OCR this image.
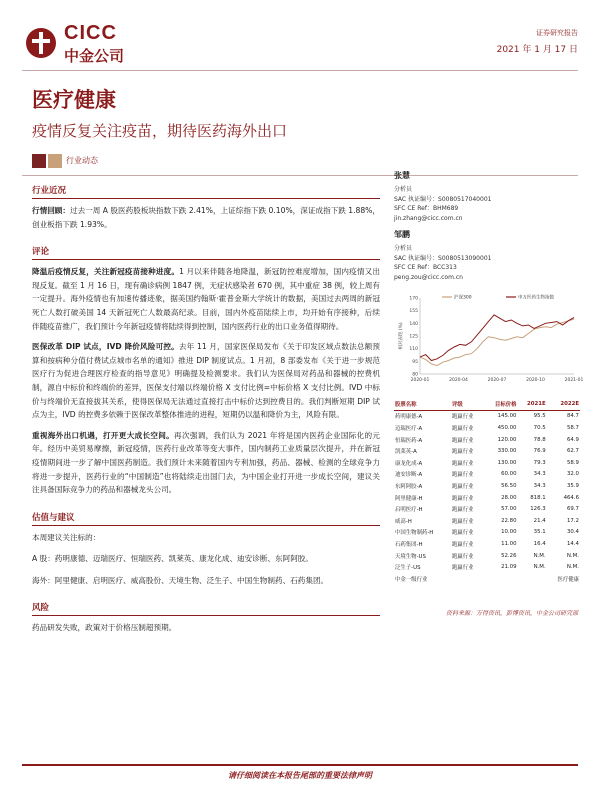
CICC
中金公司
证券研究报告
2021 年 1 月 17 日
医疗健康
疫情反复关注疫苗，期待医药海外出口
行业动态
行业近况
行情回顾：过去一周 A 股医药股板块指数下跌 2.41%，上证综指下跌 0.10%，深证成指下跌 1.88%，创业板指下跌 1.93%。
评论
降温后疫情反复，关注新冠疫苗接种进度。1 月以来伴随各地降温，新冠防控难度增加，国内疫情又出现反复。截至 1 月 16 日，现有确诊病例 1847 例，无症状感染者 670 例，其中重症 38 例，较上周有一定提升。海外疫情也有加速传播迹象，据美国约翰斯·霍普金斯大学统计的数据，美国过去两周的新冠死亡人数打破美国 14 天新冠死亡人数最高纪录。目前，国内外疫苗陆续上市，均开始有序接种，后续伴随疫苗推广，我们预计今年新冠疫情将陆续得到控制，国内医药行业的出口业务值得期待。
医保改革 DIP 试点，IVD 降价风险可控。去年 11 月，国家医保局发布《关于印发区域点数法总额预算和按病种分值付费试点城市名单的通知》推进 DIP 制度试点。1 月初，8 部委发布《关于进一步规范医疗行为促进合理医疗检查的指导意见》明确提及检测要求。我们认为医保局对药品和器械的控费机制，源自中标价和终端价的差异，医保支付端以终端价格 X 支付比例=中标价格 X 支付比例。IVD 中标价与终端价无直接拔其关系，使得医保局无法通过直接打击中标价达到控费目的。我们判断短期 DIP 试点为主，IVD 的控费多依赖于医保改革整体推进的进程，短期仍以温和降价为主，风险有限。
重视海外出口机遇，打开更大成长空间。再次强调，我们认为 2021 年将是国内医药企业国际化的元年。经历中美贸易摩擦，新冠疫情，医药行业改革等变大事件，国内制药工业质量层次提升，并在新冠疫情期间进一步了解中国医药制造。我们预计未来随着国内专利加强，药品、器械、检测的全球竞争力将进一步提升，医药行业的“中国制造”也将陆续走出国门去，为中国企业打开进一步成长空间，建议关注具备国际竞争力的药品和器械龙头公司。
估值与建议
本周建议关注标的：
A 股：药明康德、迈瑞医疗、恒瑞医药、凯莱英、康龙化成、迪安诊断、东阿阿胶。
海外：阿里健康、启明医疗、威高股份、天境生物、泛生子、中国生物制药、石药集团。
风险
药品研发失败，政策对于价格压制超预期。
张慧
分析员
SAC 执证编号：S0080517040001
SFC CE Ref：BHM689
jin.zhang@cicc.com.cn
邹鹏
分析员
SAC 执证编号：S0080513090001
SFC CE Ref：BCC313
peng.zou@cicc.com.cn
80
95
110
125
140
155
170
2020-01	2020-04	2020-07	2020-10	2021-01
相对表现 (%)
沪深300	申万医药生物指数
股票名称	评级	目标价格	2021E	2022E
药明康德-A	跑赢行业	145.00	95.5	84.7
迈瑞医疗-A	跑赢行业	450.00	70.5	58.7
恒瑞医药-A	跑赢行业	120.00	78.8	64.9
凯莱英-A	跑赢行业	330.00	76.9	62.7
康龙化成-A	跑赢行业	130.00	79.3	58.9
迪安诊断-A	跑赢行业	60.00	34.3	32.0
东阿阿胶-A	跑赢行业	56.50	34.3	35.9
阿里健康-H	跑赢行业	28.00	818.1	464.6
启明医疗-H	跑赢行业	57.00	126.3	69.7
威高-H	跑赢行业	22.80	21.4	17.2
中国生物制药-H	跑赢行业	10.00	35.1	30.4
石药集团-H	跑赢行业	11.00	16.4	14.4
天境生物-US	跑赢行业	52.26	N.M.	N.M.
泛生子-US	跑赢行业	21.09	N.M.	N.M.
中金一级行业				医疗健康
资料来源：万得资讯，彭博资讯，中金公司研究部
请仔细阅读在本报告尾部的重要法律声明
